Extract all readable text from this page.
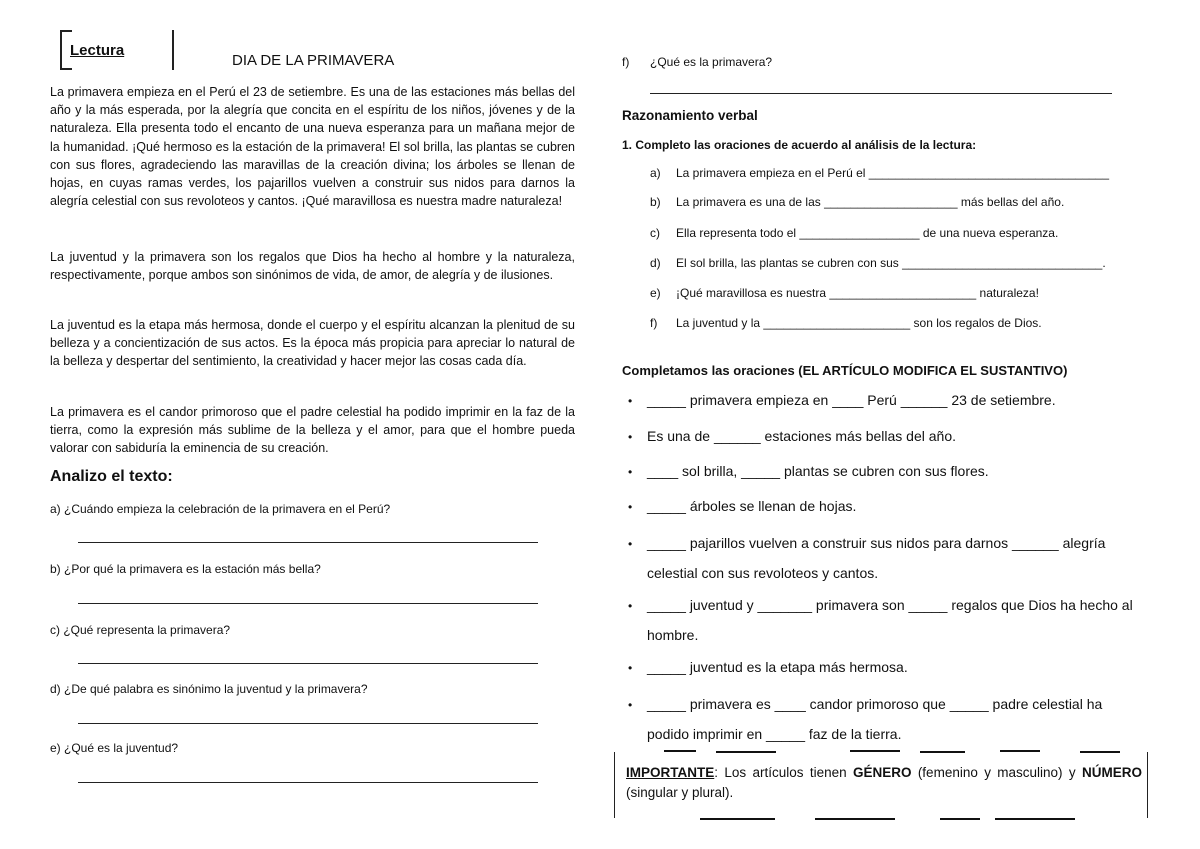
Lectura
DIA DE LA PRIMAVERA
La primavera empieza en el Perú el 23 de setiembre. Es una de las estaciones más bellas del año y la más esperada, por la alegría que concita en el espíritu de los niños, jóvenes y de la naturaleza. Ella presenta todo el encanto de una nueva esperanza para un mañana mejor de la humanidad. ¡Qué hermoso es la estación de la primavera! El sol brilla, las plantas se cubren con sus flores, agradeciendo las maravillas de la creación divina; los árboles se llenan de hojas, en cuyas ramas verdes, los pajarillos vuelven a construir sus nidos para darnos la alegría celestial con sus revoloteos y cantos. ¡Qué maravillosa es nuestra madre naturaleza!
La juventud y la primavera son los regalos que Dios ha hecho al hombre y la naturaleza, respectivamente, porque ambos son sinónimos de vida, de amor, de alegría y de ilusiones.
La juventud es la etapa más hermosa, donde el cuerpo y el espíritu alcanzan la plenitud de su belleza y a concientización de sus actos. Es la época más propicia para apreciar lo natural de la belleza y despertar del sentimiento, la creatividad y hacer mejor las cosas cada día.
La primavera es el candor primoroso que el padre celestial ha podido imprimir en la faz de la tierra, como la expresión más sublime de la belleza y el amor, para que el hombre pueda valorar con sabiduría la eminencia de su creación.
Analizo el texto:
a) ¿Cuándo empieza la celebración de la primavera en el Perú?
b) ¿Por qué la primavera es la estación más bella?
c) ¿Qué representa la primavera?
d) ¿De qué palabra es sinónimo la juventud y la primavera?
e) ¿Qué es la juventud?
f) ¿Qué es la primavera?
Razonamiento verbal
1. Completo las oraciones de acuerdo al análisis de la lectura:
a)	La primavera empieza en el Perú el ____________________________________
b)	La primavera es una de las ____________________ más bellas del año.
c)	Ella representa todo el __________________ de una nueva esperanza.
d)	El sol brilla, las plantas se cubren con sus ______________________________.
e)	¡Qué maravillosa es nuestra ______________________ naturaleza!
f)	La juventud y la ______________________ son los regalos de Dios.
Completamos las oraciones (EL ARTÍCULO MODIFICA EL SUSTANTIVO)
•	_____ primavera empieza en ____ Perú ______ 23 de setiembre.
•	Es una de ______ estaciones más bellas del año.
•	____ sol brilla, _____ plantas se cubren con sus flores.
•	_____ árboles se llenan de hojas.
•	_____ pajarillos vuelven a construir sus nidos para darnos ______ alegría celestial con sus revoloteos y cantos.
•	_____ juventud y _______ primavera son _____ regalos que Dios ha hecho al hombre.
•	_____ juventud es la etapa más hermosa.
•	_____ primavera es ____ candor primoroso que _____ padre celestial ha podido imprimir en _____ faz de la tierra.
IMPORTANTE: Los artículos tienen GÉNERO (femenino y masculino) y NÚMERO (singular y plural).
